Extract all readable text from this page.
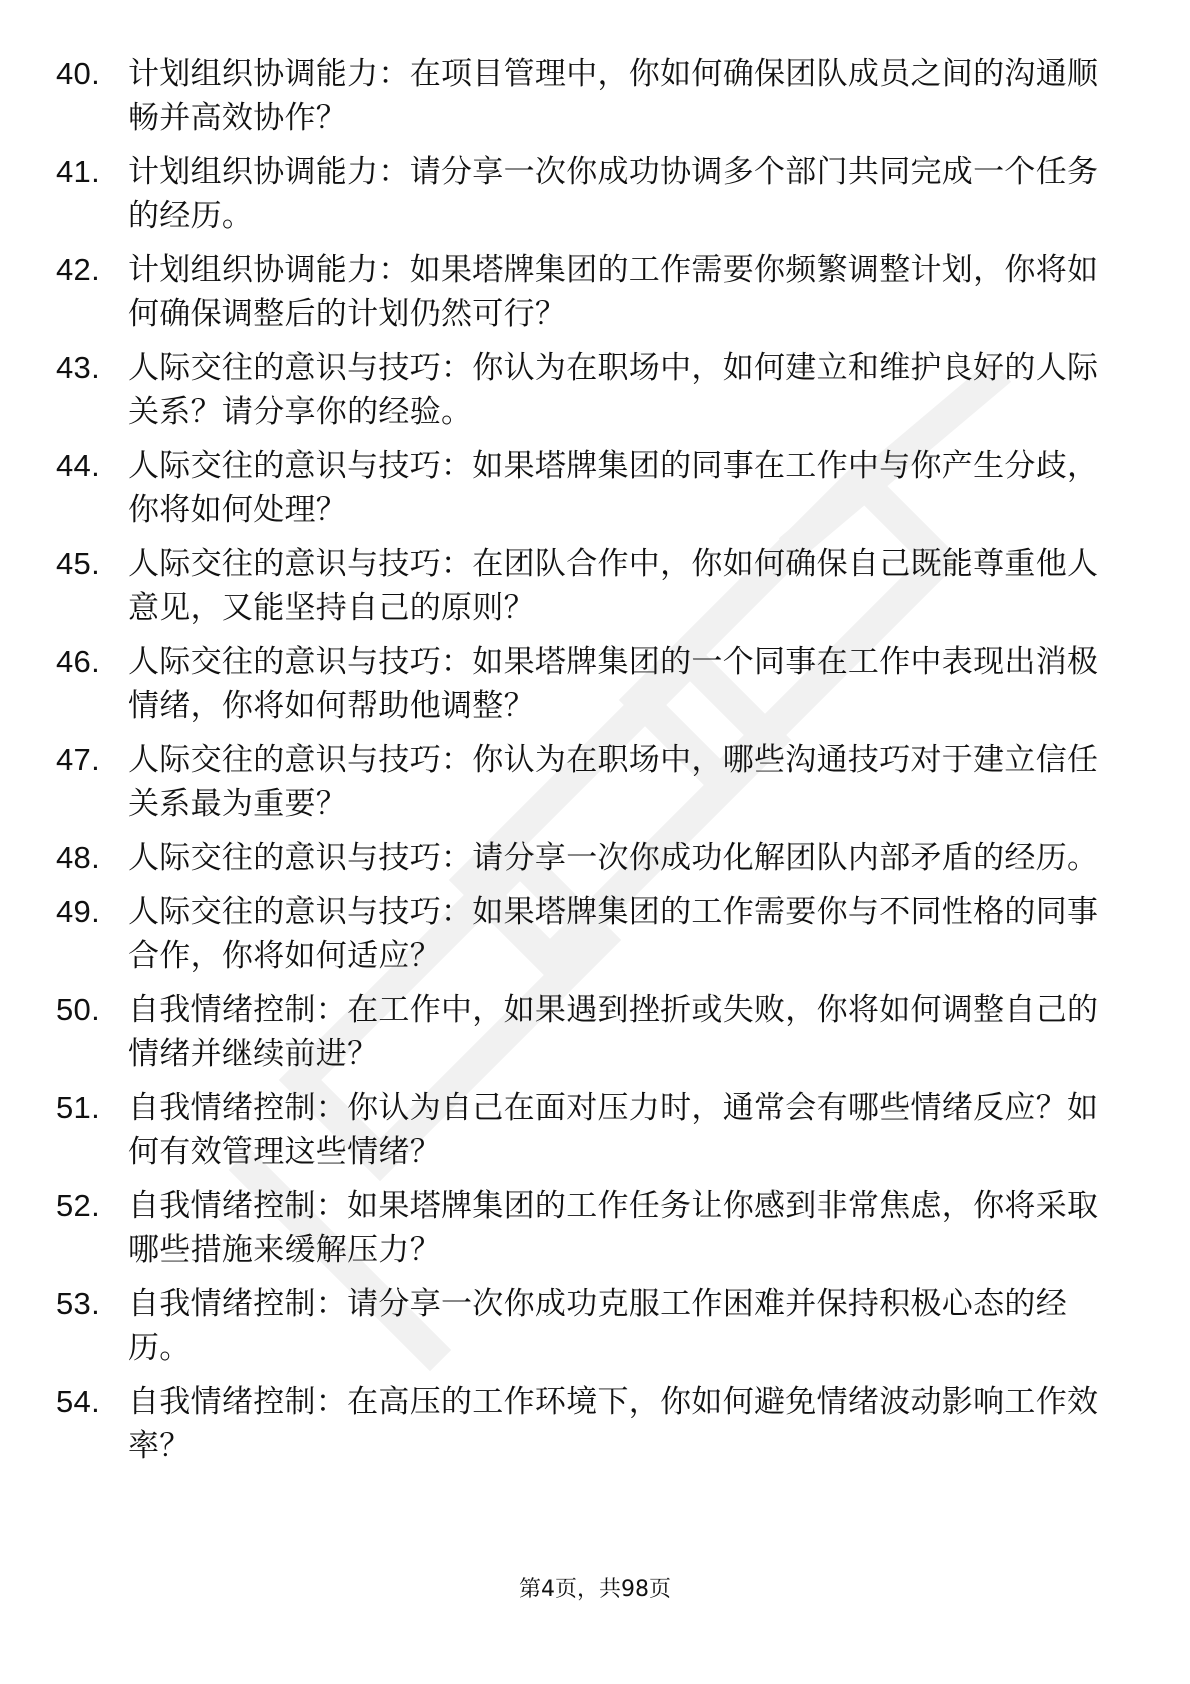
40. 计划组织协调能力：在项目管理中，你如何确保团队成员之间的沟通顺畅并高效协作？
41. 计划组织协调能力：请分享一次你成功协调多个部门共同完成一个任务的经历。
42. 计划组织协调能力：如果塔牌集团的工作需要你频繁调整计划，你将如何确保调整后的计划仍然可行？
43. 人际交往的意识与技巧：你认为在职场中，如何建立和维护良好的人际关系？请分享你的经验。
44. 人际交往的意识与技巧：如果塔牌集团的同事在工作中与你产生分歧，你将如何处理？
45. 人际交往的意识与技巧：在团队合作中，你如何确保自己既能尊重他人意见，又能坚持自己的原则？
46. 人际交往的意识与技巧：如果塔牌集团的一个同事在工作中表现出消极情绪，你将如何帮助他调整？
47. 人际交往的意识与技巧：你认为在职场中，哪些沟通技巧对于建立信任关系最为重要？
48. 人际交往的意识与技巧：请分享一次你成功化解团队内部矛盾的经历。
49. 人际交往的意识与技巧：如果塔牌集团的工作需要你与不同性格的同事合作，你将如何适应？
50. 自我情绪控制：在工作中，如果遇到挫折或失败，你将如何调整自己的情绪并继续前进？
51. 自我情绪控制：你认为自己在面对压力时，通常会有哪些情绪反应？如何有效管理这些情绪？
52. 自我情绪控制：如果塔牌集团的工作任务让你感到非常焦虑，你将采取哪些措施来缓解压力？
53. 自我情绪控制：请分享一次你成功克服工作困难并保持积极心态的经历。
54. 自我情绪控制：在高压的工作环境下，你如何避免情绪波动影响工作效率？
第4页，共98页
